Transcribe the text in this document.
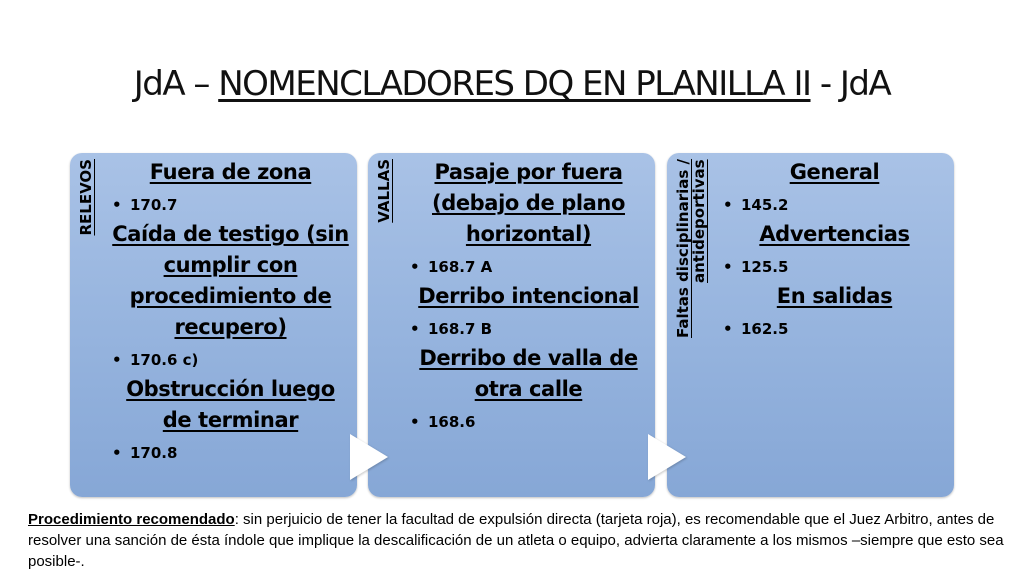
JdA – NOMENCLADORES DQ EN PLANILLA II - JdA
RELEVOS	Fuera de zona
• 170.7
Caída de testigo (sin cumplir con procedimiento de recupero)
• 170.6 c)
Obstrucción luego de terminar
• 170.8
VALLAS	Pasaje por fuera (debajo de plano horizontal)
• 168.7 A
Derribo intencional
• 168.7 B
Derribo de valla de otra calle
• 168.6
Faltas disciplinarias / antideportivas	General
• 145.2
Advertencias
• 125.5
En salidas
• 162.5
Procedimiento recomendado: sin perjuicio de tener la facultad de expulsión directa (tarjeta roja), es recomendable que el Juez Arbitro, antes de resolver una sanción de ésta índole que implique la descalificación de un atleta o equipo, advierta claramente a los mismos –siempre que esto sea posible-.
